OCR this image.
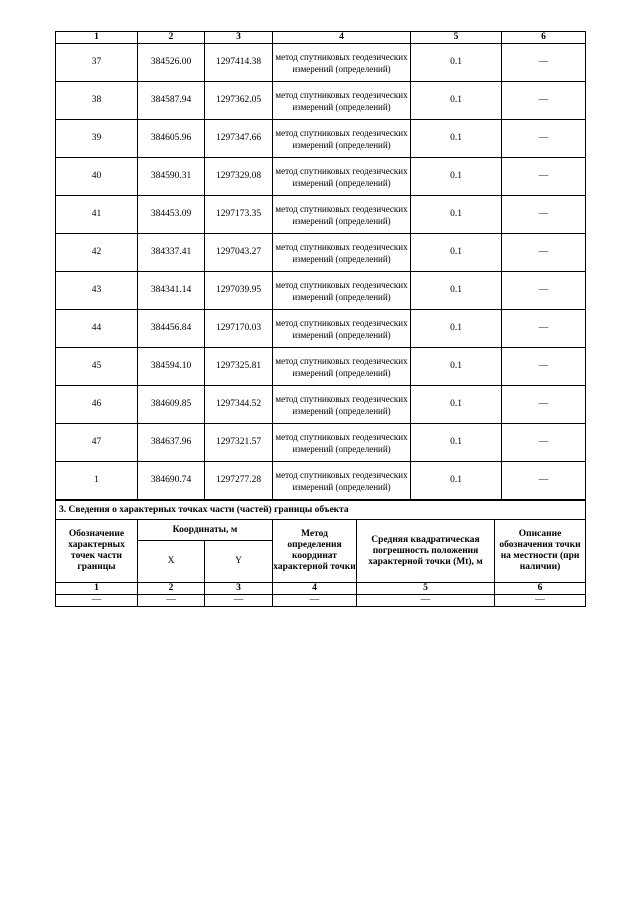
1	2	3	4	5	6
37	384526.00	1297414.38	метод спутниковых геодезических измерений (определений)	0.1	—
38	384587.94	1297362.05	метод спутниковых геодезических измерений (определений)	0.1	—
39	384605.96	1297347.66	метод спутниковых геодезических измерений (определений)	0.1	—
40	384590.31	1297329.08	метод спутниковых геодезических измерений (определений)	0.1	—
41	384453.09	1297173.35	метод спутниковых геодезических измерений (определений)	0.1	—
42	384337.41	1297043.27	метод спутниковых геодезических измерений (определений)	0.1	—
43	384341.14	1297039.95	метод спутниковых геодезических измерений (определений)	0.1	—
44	384456.84	1297170.03	метод спутниковых геодезических измерений (определений)	0.1	—
45	384594.10	1297325.81	метод спутниковых геодезических измерений (определений)	0.1	—
46	384609.85	1297344.52	метод спутниковых геодезических измерений (определений)	0.1	—
47	384637.96	1297321.57	метод спутниковых геодезических измерений (определений)	0.1	—
1	384690.74	1297277.28	метод спутниковых геодезических измерений (определений)	0.1	—
3. Сведения о характерных точках части (частей) границы объекта					
Обозначение характерных точек части границы	Координаты, м		Метод определения координат характерной точки	Средняя квадратическая погрешность положения характерной точки (Mt), м	Описание обозначения точки на местности (при наличии)
	X	Y			
1	2	3	4	5	6
—	—	—	—	—	—
